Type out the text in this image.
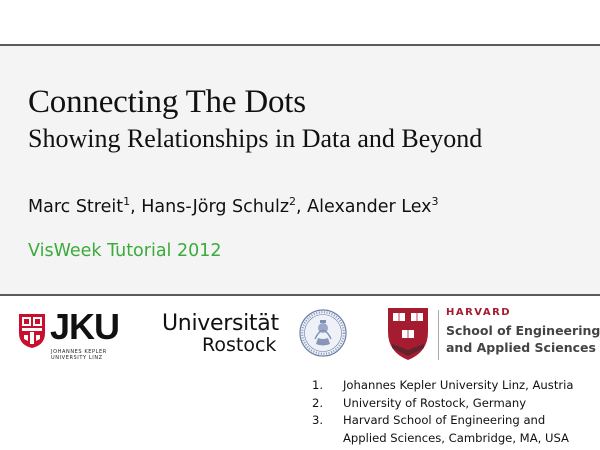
Connecting The Dots
Showing Relationships in Data and Beyond
Marc Streit$^1$, Hans-Jörg Schulz$^2$, Alexander Lex$^3$
VisWeek Tutorial 2012
JKU
JOHANNES KEPLER
UNIVERSITY LINZ
Universität
Rostock
HARVARD
School of Engineering
and Applied Sciences
1. Johannes Kepler University Linz, Austria
2. University of Rostock, Germany
3. Harvard School of Engineering and
Applied Sciences, Cambridge, MA, USA
